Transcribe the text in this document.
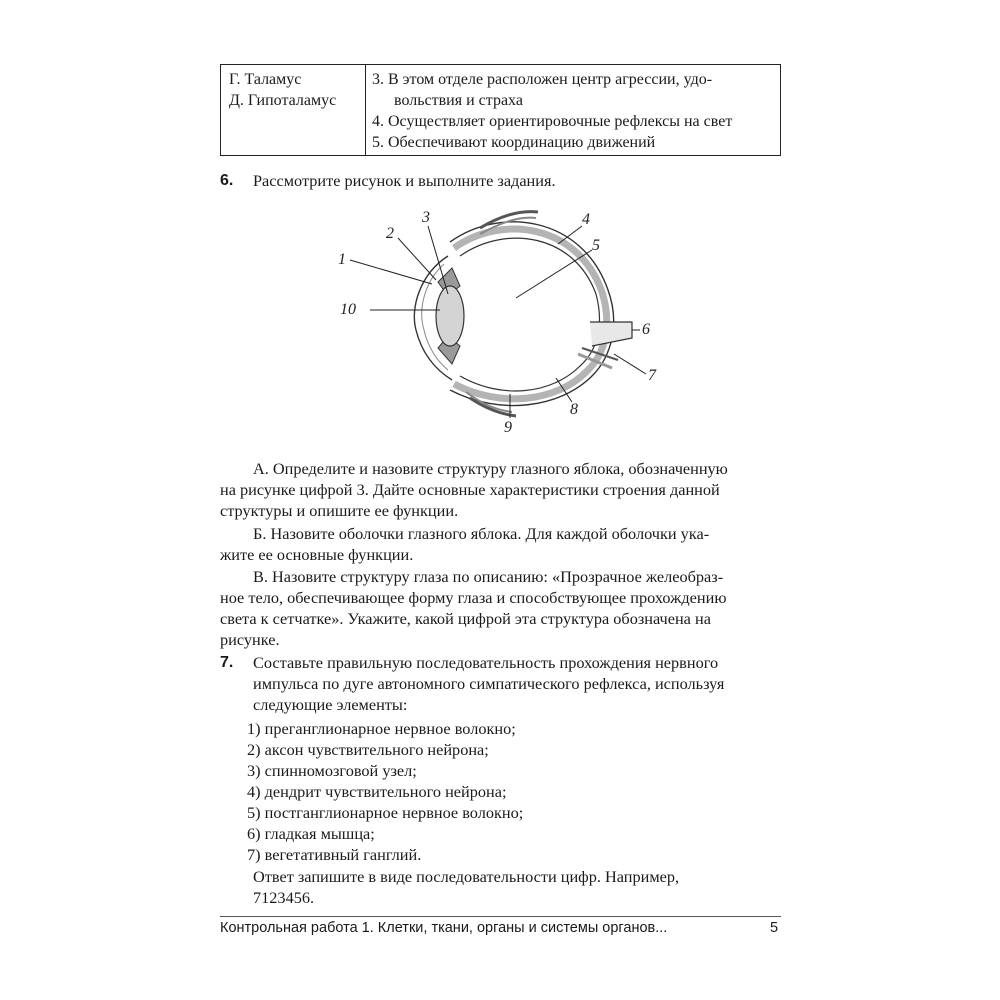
Г. Таламус
Д. Гипоталамус
3. В этом отделе расположен центр агрессии, удо-
вольствия и страха
4. Осуществляет ориентировочные рефлексы на свет
5. Обеспечивают координацию движений
6. Рассмотрите рисунок и выполните задания.
1
2
3	4
5
6
7
8
9
10
А. Определите и назовите структуру глазного яблока, обозначенную
на рисунке цифрой 3. Дайте основные характеристики строения данной
структуры и опишите ее функции.
Б. Назовите оболочки глазного яблока. Для каждой оболочки ука-
жите ее основные функции.
В. Назовите структуру глаза по описанию: «Прозрачное желеобраз-
ное тело, обеспечивающее форму глаза и способствующее прохождению
света к сетчатке». Укажите, какой цифрой эта структура обозначена на
рисунке.
7. Составьте правильную последовательность прохождения нервного
импульса по дуге автономного симпатического рефлекса, используя
следующие элементы:
1) преганглионарное нервное волокно;
2) аксон чувствительного нейрона;
3) спинномозговой узел;
4) дендрит чувствительного нейрона;
5) постганглионарное нервное волокно;
6) гладкая мышца;
7) вегетативный ганглий.
Ответ запишите в виде последовательности цифр. Например,
7123456.
Контрольная работа 1. Клетки, ткани, органы и системы органов...	5
